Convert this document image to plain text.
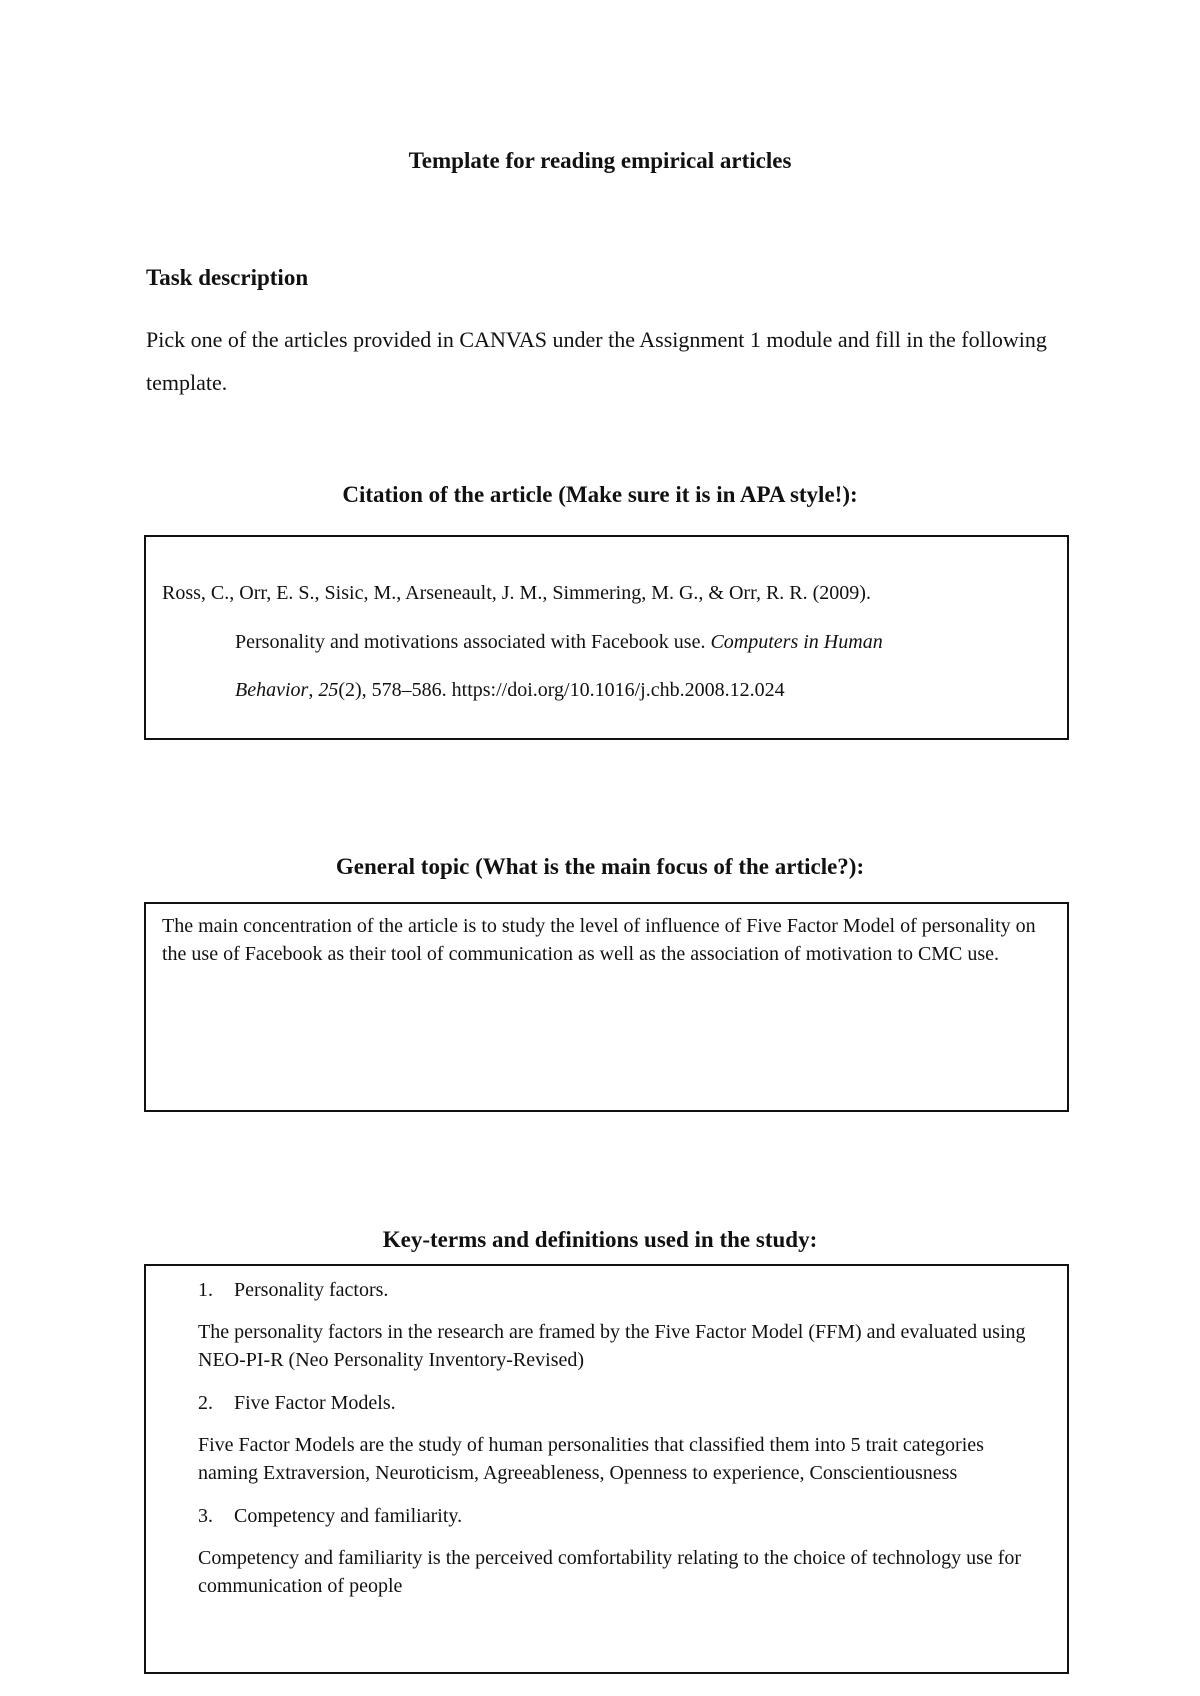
Template for reading empirical articles
Task description
Pick one of the articles provided in CANVAS under the Assignment 1 module and fill in the following template.
Citation of the article (Make sure it is in APA style!):
Ross, C., Orr, E. S., Sisic, M., Arseneault, J. M., Simmering, M. G., & Orr, R. R. (2009).
Personality and motivations associated with Facebook use. Computers in Human
Behavior, 25(2), 578–586. https://doi.org/10.1016/j.chb.2008.12.024
General topic (What is the main focus of the article?):
The main concentration of the article is to study the level of influence of Five Factor Model of personality on the use of Facebook as their tool of communication as well as the association of motivation to CMC use.
Key-terms and definitions used in the study:

1. Personality factors.

The personality factors in the research are framed by the Five Factor Model (FFM) and evaluated using NEO-PI-R (Neo Personality Inventory-Revised)

2. Five Factor Models.

Five Factor Models are the study of human personalities that classified them into 5 trait categories naming Extraversion, Neuroticism, Agreeableness, Openness to experience, Conscientiousness

3. Competency and familiarity.

Competency and familiarity is the perceived comfortability relating to the choice of technology use for communication of people
